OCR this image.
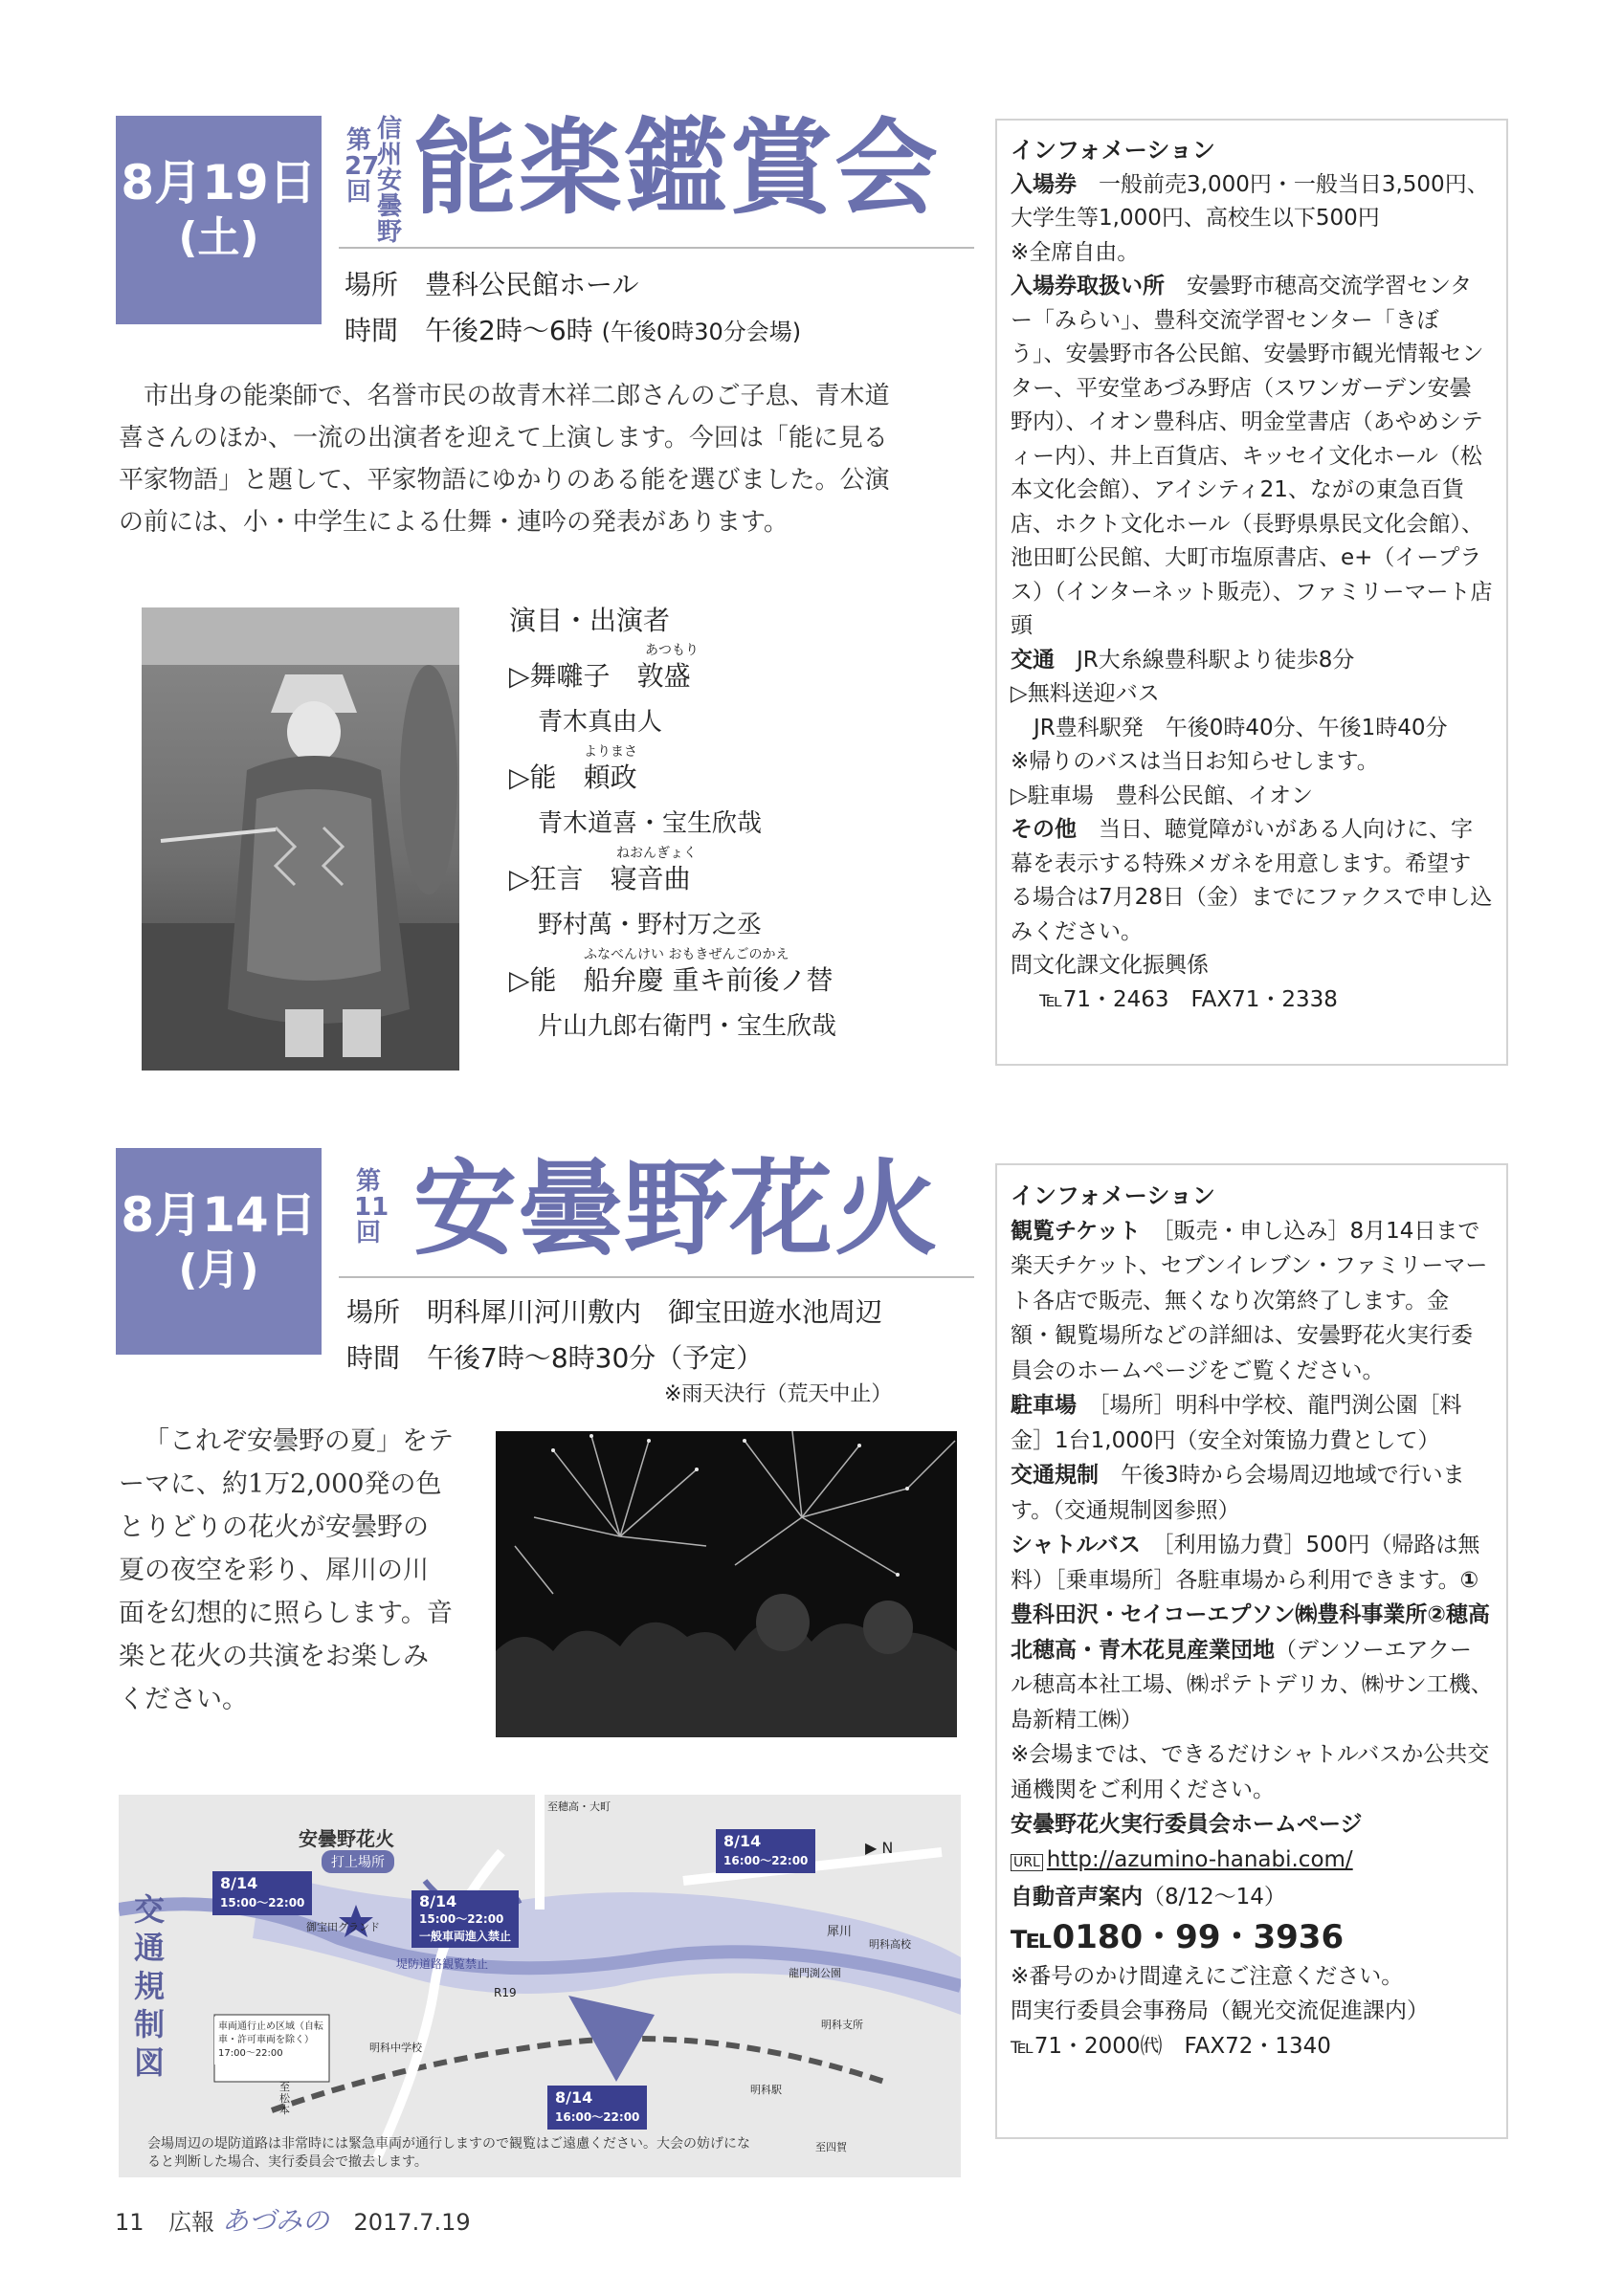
8月19日
(土)
第27回
信州安曇野
能楽鑑賞会
場所 豊科公民館ホール
時間 午後2時～6時 (午後0時30分会場)
市出身の能楽師で、名誉市民の故青木祥二郎さんのご子息、青木道喜さんのほか、一流の出演者を迎えて上演します。今回は「能に見る平家物語」と題して、平家物語にゆかりのある能を選びました。公演の前には、小・中学生による仕舞・連吟の発表があります。
演目・出演者
あつもり
▷舞囃子　 敦盛
青木真由人
よりまさ
▷能　 頼政
青木道喜・宝生欣哉
ねおんぎょく
▷狂言　 寝音曲
野村萬・野村万之丞
ふなべんけい おもきぜんごのかえ
▷能　 船弁慶 重キ前後ノ替
片山九郎右衛門・宝生欣哉
インフォメーション
入場券　 一般前売3,000円・一般当日3,500円、大学生等1,000円、高校生以下500円
※全席自由。
入場券取扱い所　 安曇野市穂高交流学習センター「みらい」、豊科交流学習センター「きぼう」、安曇野市各公民館、安曇野市観光情報センター、平安堂あづみ野店（スワンガーデン安曇野内）、イオン豊科店、明金堂書店（あやめシティー内）、井上百貨店、キッセイ文化ホール（松本文化会館）、アイシティ21、ながの東急百貨店、ホクト文化ホール（長野県県民文化会館）、池田町公民館、大町市塩原書店、e+（イープラス）（インターネット販売）、ファミリーマート店頭
交通　 JR大糸線豊科駅より徒歩8分
▷無料送迎バス
JR豊科駅発　午後0時40分、午後1時40分
※帰りのバスは当日お知らせします。
▷駐車場　豊科公民館、イオン
その他　 当日、聴覚障がいがある人向けに、字幕を表示する特殊メガネを用意します。希望する場合は7月28日（金）までにファクスで申し込みください。
問文化課文化振興係
℡71・2463　FAX71・2338
8月14日
(月)
第11回 安曇野花火
場所 明科犀川河川敷内　御宝田遊水池周辺
時間 午後7時～8時30分（予定）
※雨天決行（荒天中止）
「これぞ安曇野の夏」をテーマに、約1万2,000発の色とりどりの花火が安曇野の夏の夜空を彩り、犀川の川面を幻想的に照らします。音楽と花火の共演をお楽しみください。
交通規制図
安曇野花火
打上場所
8/14
15:00～22:00	8/14
15:00～22:00
一般車両進入禁止
8/14
16:00～22:00
8/14
16:00～22:00
至穂高・大町
至松本
犀川
明科高校
明科駅
御宝田グランド
明科中学校
堤防道路観覧禁止
R19
至四賀
明科支所
龍門渕公園
▶ N
車両通行止め区域（自転車・許可車両を除く）17:00～22:00
会場周辺の堤防道路は非常時には緊急車両が通行しますので観覧はご遠慮ください。大会の妨げになると判断した場合、実行委員会で撤去します。
インフォメーション
観覧チケット　 ［販売・申し込み］8月14日まで楽天チケット、セブンイレブン・ファミリーマート各店で販売、無くなり次第終了します。金額・観覧場所などの詳細は、安曇野花火実行委員会のホームページをご覧ください。
駐車場　 ［場所］明科中学校、龍門渕公園［料金］1台1,000円（安全対策協力費として）
交通規制　 午後3時から会場周辺地域で行います。（交通規制図参照）
シャトルバス　 ［利用協力費］500円（帰路は無料）［乗車場所］各駐車場から利用できます。①豊科田沢・セイコーエプソン㈱豊科事業所②穂高北穂高・青木花見産業団地（デンソーエアクール穂高本社工場、㈱ポテトデリカ、㈱サン工機、島新精工㈱）
※会場までは、できるだけシャトルバスか公共交通機関をご利用ください。
安曇野花火実行委員会ホームページ
URL http://azumino-hanabi.com/
自動音声案内（8/12～14）
℡0180・99・3936
※番号のかけ間違えにご注意ください。
問実行委員会事務局（観光交流促進課内）
℡71・2000㈹　FAX72・1340
11 広報 あづみの 2017.7.19
